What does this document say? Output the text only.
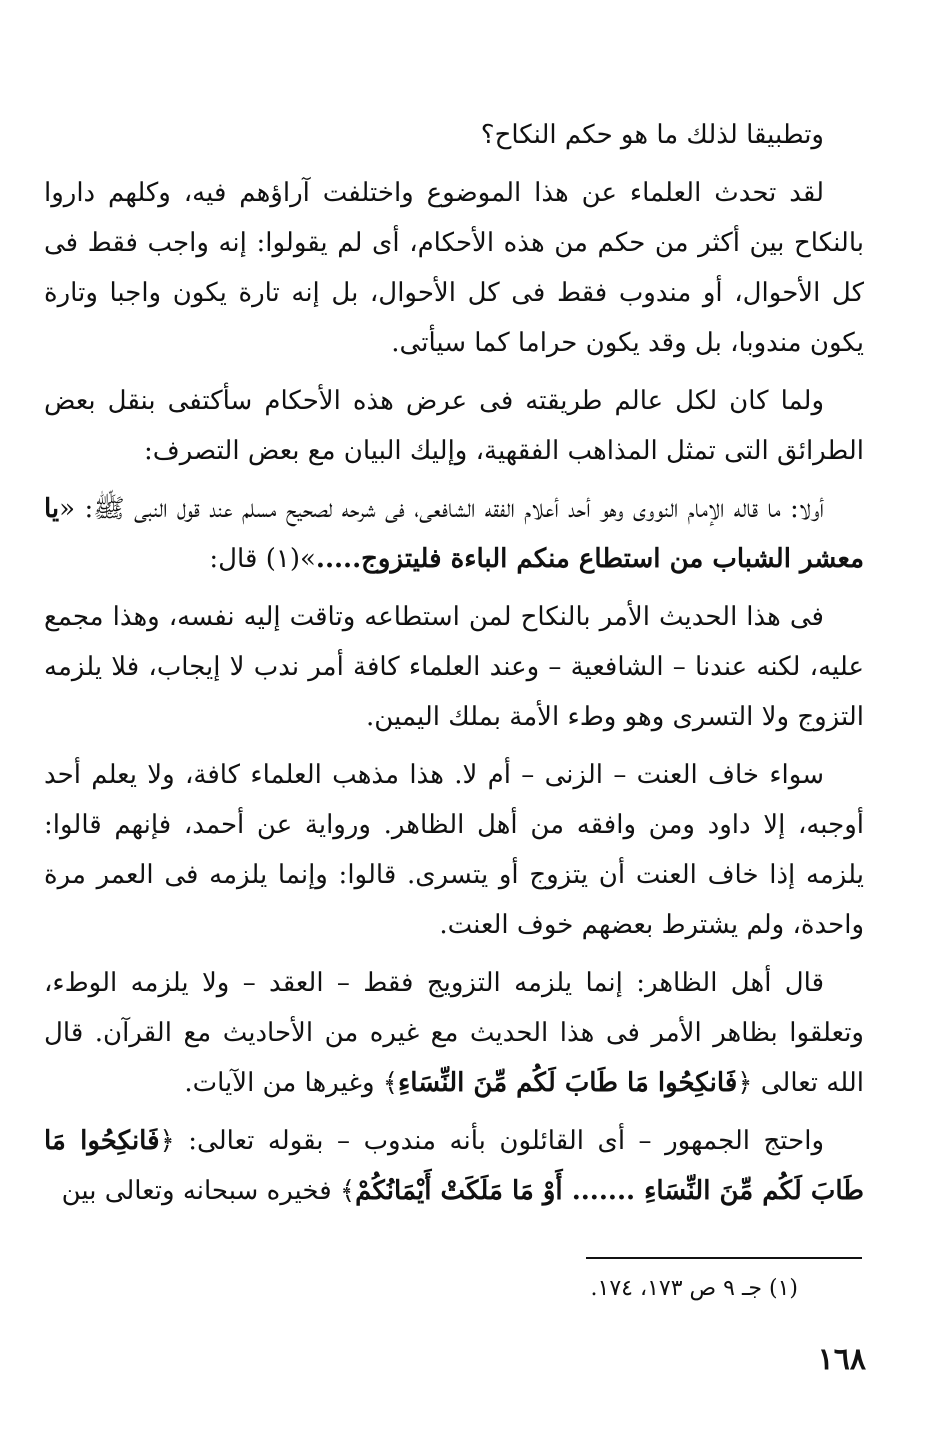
وتطبيقا لذلك ما هو حكم النكاح؟

لقد تحدث العلماء عن هذا الموضوع واختلفت آراؤهم فيه، وكلهم داروا بالنكاح بين أكثر من حكم من هذه الأحكام، أى لم يقولوا: إنه واجب فقط فى كل الأحوال، أو مندوب فقط فى كل الأحوال، بل إنه تارة يكون واجبا وتارة يكون مندوبا، بل وقد يكون حراما كما سيأتى.

ولما كان لكل عالم طريقته فى عرض هذه الأحكام سأكتفى بنقل بعض الطرائق التى تمثل المذاهب الفقهية، وإليك البيان مع بعض التصرف:

أولا: ما قاله الإمام النووى وهو أحد أعلام الفقه الشافعى، فى شرحه لصحيح مسلم عند قول النبى ﷺ: «يا معشر الشباب من استطاع منكم الباءة فليتزوج.....»(١) قال:

فى هذا الحديث الأمر بالنكاح لمن استطاعه وتاقت إليه نفسه، وهذا مجمع عليه، لكنه عندنا – الشافعية – وعند العلماء كافة أمر ندب لا إيجاب، فلا يلزمه التزوج ولا التسرى وهو وطء الأمة بملك اليمين.

سواء خاف العنت – الزنى – أم لا. هذا مذهب العلماء كافة، ولا يعلم أحد أوجبه، إلا داود ومن وافقه من أهل الظاهر. ورواية عن أحمد، فإنهم قالوا: يلزمه إذا خاف العنت أن يتزوج أو يتسرى. قالوا: وإنما يلزمه فى العمر مرة واحدة، ولم يشترط بعضهم خوف العنت.

قال أهل الظاهر: إنما يلزمه التزويج فقط – العقد – ولا يلزمه الوطء، وتعلقوا بظاهر الأمر فى هذا الحديث مع غيره من الأحاديث مع القرآن. قال الله تعالى ﴿فَانكِحُوا مَا طَابَ لَكُم مِّنَ النِّسَاءِ﴾ وغيرها من الآيات.

واحتج الجمهور – أى القائلون بأنه مندوب – بقوله تعالى: ﴿فَانكِحُوا مَا طَابَ لَكُم مِّنَ النِّسَاءِ ....... أَوْ مَا مَلَكَتْ أَيْمَانُكُمْ﴾ فخيره سبحانه وتعالى بين

(١) جـ ٩ ص ١٧٣، ١٧٤.
١٦٨
